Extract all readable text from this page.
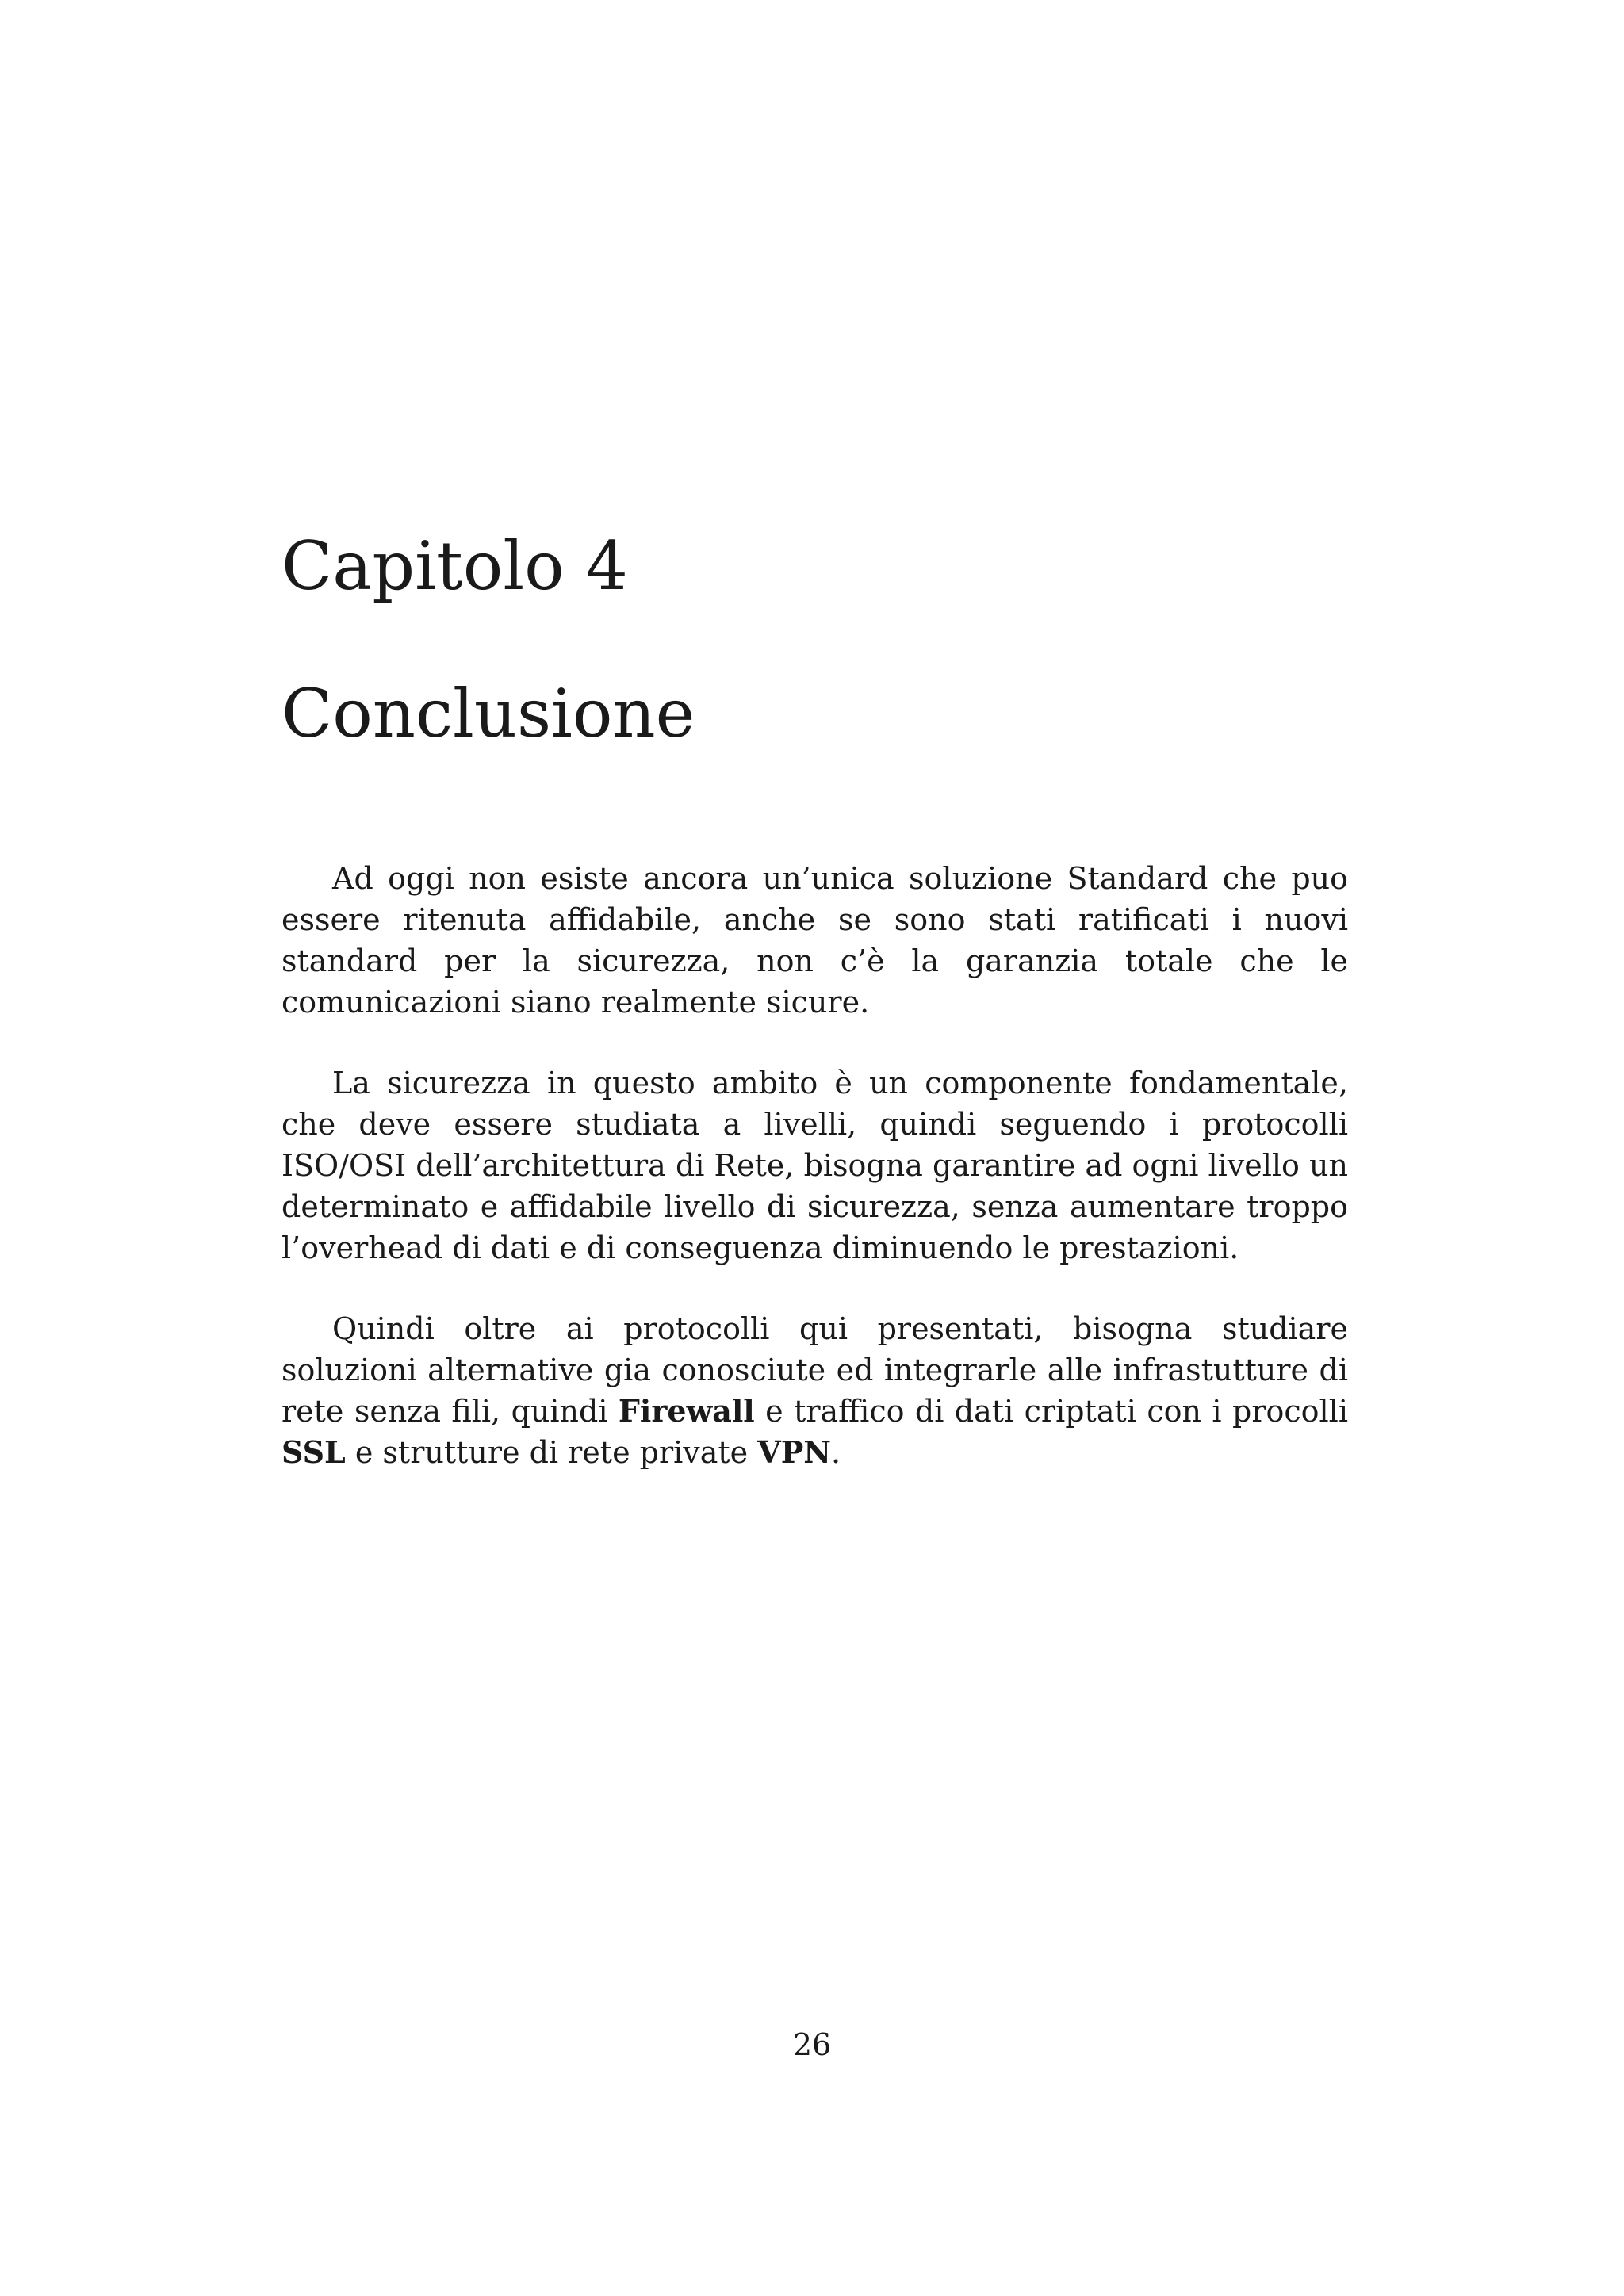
Capitolo 4
Conclusione

Ad oggi non esiste ancora un’unica soluzione Standard che puo essere ritenuta affidabile, anche se sono stati ratificati i nuovi standard per la sicurezza, non c’è la garanzia totale che le comunicazioni siano realmente sicure.

La sicurezza in questo ambito è un componente fondamentale, che deve essere studiata a livelli, quindi seguendo i protocolli ISO/OSI dell’architettura di Rete, bisogna garantire ad ogni livello un determinato e affidabile livello di sicurezza, senza aumentare troppo l’overhead di dati e di conseguenza diminuendo le prestazioni.

Quindi oltre ai protocolli qui presentati, bisogna studiare soluzioni alternative gia conosciute ed integrarle alle infrastutture di rete senza fili, quindi Firewall e traffico di dati criptati con i procolli SSL e strutture di rete private VPN.

26
